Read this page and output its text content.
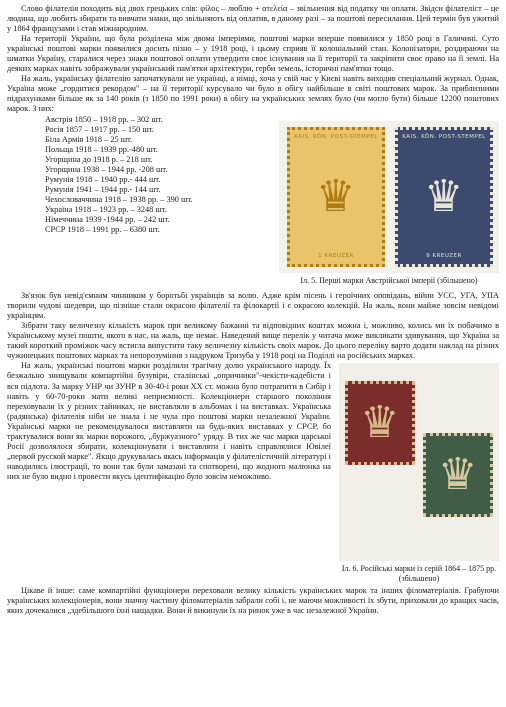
Слово філателія походить від двох грецьких слів: φίλος – люблю + ατελεία – звільнення від податку чи оплати. Звідси філателіст – це людина, що любить збирати та вивчати знаки, що звільняють від оплатив, в даному разі – за поштові пересилання. Цей термін був ужитий у 1864 французами і став міжнародним.

На території України, що була розділена між двома імперіями, поштові марки вперше появилися у 1850 році в Галичині. Суто українські поштові марки появилися досить пізно – у 1918 році, і цьому сприяв її колоніальний стан. Колонізатори, роздираючи на шматки Україну, старалися через знаки поштової оплати утвердити своє існування на її території та закріпити своє право на її землі. На деяких марках навіть зображували український пам'ятки архітектури, герби земель, історичні пам'ятки тощо.

На жаль, українську філателію започаткували не українці, а німці, хоча у свій час у Києві навіть виходив спеціальний журнал. Однак, Україна може „горднтися рекордом" – на її території курсувало чи було в обігу найбільше в світі поштових марок. За приблизними підрахунками більше як за 140 років (з 1850 по 1991 роки) в обігу на українських землях було (чи могло бути) більше 12200 поштових марок. З них:

KAIS. KÖN. POST-STEMPEL
♛
1 KREUZER
KAIS. KÖN. POST-STEMPEL
♛
9 KREUZER
Іл. 5. Перші марки Австрійської імперії (збільшено)
Австрія 1850 – 1918 рр. – 302 шт.
Росія 1857 – 1917 рр. – 150 шт.
Біла Армія 1918 – 25 шт.
Польща 1918 – 1939 рр.-480 шт.
Угорщина до 1918 р. – 218 шт.
Угорщина 1938 – 1944 рр. -208 шт.
Румунія 1918 – 1940 рр.- 444 шт.
Румунія 1941 – 1944 рр.- 144 шт.
Чехословаччина 1918 – 1938 рр. – 390 шт.
Україна 1918 – 1923 рр. – 3248 шт.
Німеччина 1939 -1944 рр. – 242 шт.
СРСР 1918 – 1991 рр. – 6380 шт.

Зв'язок був невід'ємним чинником у боротьбі українців за волю. Адже крім пісень і героїчних оповідань, війни УСС, УГА, УПА творили чудові шедеври, що пізніше стали окрасою філателії та філокартії і є окрасою колекцій. На жаль, вони майже зовсім невідомі українцям.

Зібрати таку величезну кількість марок при великому бажанні та відповідних коштах можна і, можливо, колись ми їх побачимо в Українському музеї пошти, якого в нас, на жаль, ще немає. Наведений вище перелік у читача може викликати здивування, що Україна за такий короткий проміжок часу встигла випустити таку величезну кількість своїх марок. До цього переліку варто додати наклад на різних чужинецьких поштових марках та непорозуміння з надруком Тризуба у 1918 році на Поділлі на російських марках.

♛
♛
Іл. 6. Російські марки із серій 1864 – 1875 рр. (збільшено)

На жаль, українські поштові марки розділили трагічну долю українського народу. Їх безжально знищували компартійні бузувіри, сталінські „опричники"-чекісти-кадебісти і вся підлота. За марку УНР чи ЗУНР в 30-40-і роки ХХ ст. можна було потрапити в Сибір і навіть у 60-70-роки мати великі неприємності. Колекціонери старшого покоління переховували їх у різних тайниках, не виставляли в альбомах і на виставках. Українська (радянська) філателія ніби не знала і не чула про поштові марки незалежної України. Українські марки не рекомендувалося виставляти на будь-яких виставках у СРСР, бо трактувалися вони як марки ворожого, „буржуазного" уряду. В тих же час марки царської Росії дозволялося збирати, колекціонувати і виставляти і навіть справлялися Ювілеї „первой русской марке". Якщо друкувалась якась інформація у філателістичній літературі і наводились ілюстрації, то вони так були замазані та спотворені, що жодного малюнка на них не було видно і провести якусь ідентифікацію було зовсім неможливо.

Цікаве й інше: саме компартійні функціонери переховали велику кількість українських марок та інших філоматеріалів. Грабуючи українських колекціонерів, вони значну частину філоматеріалів забрали собі і, не маючи можливості їх збути, приховали до кращих часів, яких дочекалися „здебільшого їхні нащадки. Вони й викинули їх на ринок уже в час незалежної України.
